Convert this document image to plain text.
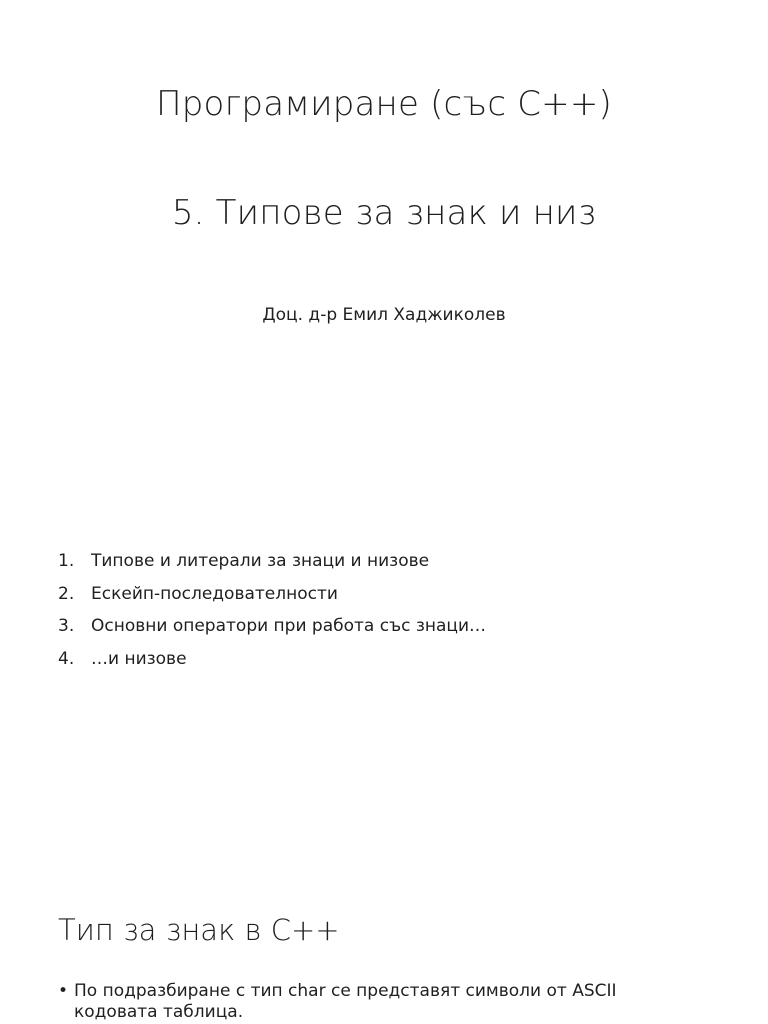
Програмиране (със C++)
5. Типове за знак и низ
Доц. д-р Емил Хаджиколев
1. Типове и литерали за знаци и низове
2. Ескейп-последователности
3. Основни оператори при работа със знаци…
4. …и низове
Тип за знак в C++
• По подразбиране с тип char се представят символи от ASCII кодовата таблица.
